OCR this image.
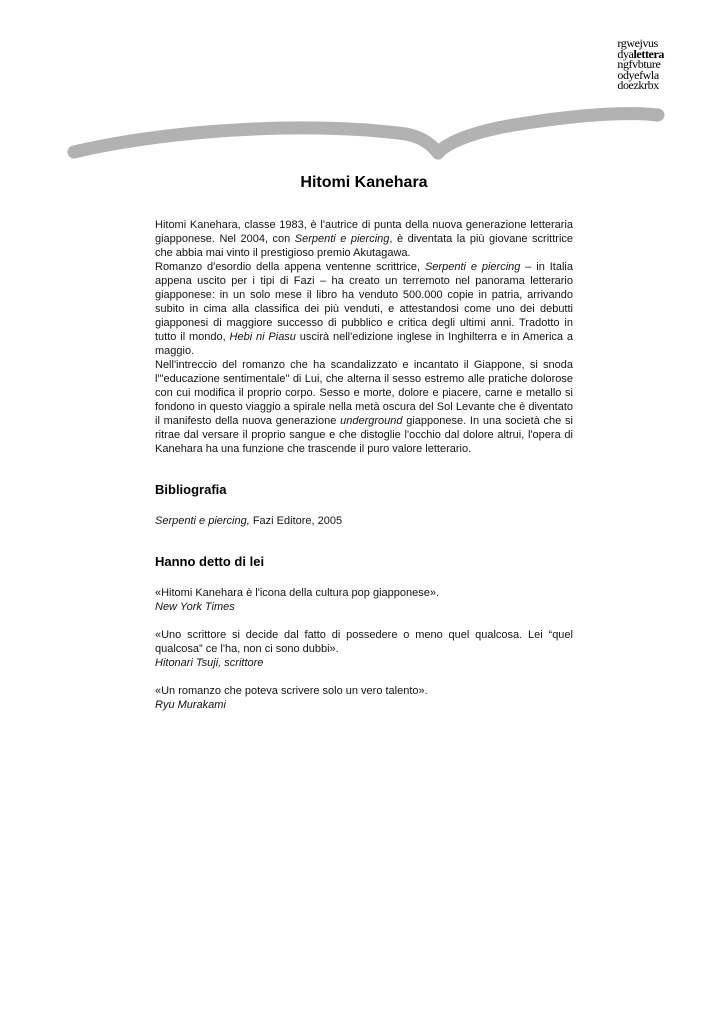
rgwejvus
dyalettera
ngfvbture
odyefwla
doezkrbx
Hitomi Kanehara

Hitomi Kanehara, classe 1983, è l'autrice di punta della nuova generazione letteraria giapponese. Nel 2004, con Serpenti e piercing, è diventata la più giovane scrittrice che abbia mai vinto il prestigioso premio Akutagawa.

Romanzo d'esordio della appena ventenne scrittrice, Serpenti e piercing – in Italia appena uscito per i tipi di Fazi – ha creato un terremoto nel panorama letterario giapponese: in un solo mese il libro ha venduto 500.000 copie in patria, arrivando subito in cima alla classifica dei più venduti, e attestandosi come uno dei debutti giapponesi di maggiore successo di pubblico e critica degli ultimi anni. Tradotto in tutto il mondo, Hebi ni Piasu uscirà nell'edizione inglese in Inghilterra e in America a maggio.

Nell'intreccio del romanzo che ha scandalizzato e incantato il Giappone, si snoda l'"educazione sentimentale" di Lui, che alterna il sesso estremo alle pratiche dolorose con cui modifica il proprio corpo. Sesso e morte, dolore e piacere, carne e metallo si fondono in questo viaggio a spirale nella metà oscura del Sol Levante che è diventato il manifesto della nuova generazione underground giapponese. In una società che si ritrae dal versare il proprio sangue e che distoglie l'occhio dal dolore altrui, l'opera di Kanehara ha una funzione che trascende il puro valore letterario.

Bibliografia

Serpenti e piercing, Fazi Editore, 2005

Hanno detto di lei

«Hitomi Kanehara è l'icona della cultura pop giapponese».

New York Times

«Uno scrittore si decide dal fatto di possedere o meno quel qualcosa. Lei “quel qualcosa” ce l'ha, non ci sono dubbi».

Hitonari Tsuji, scrittore

«Un romanzo che poteva scrivere solo un vero talento».

Ryu Murakami
